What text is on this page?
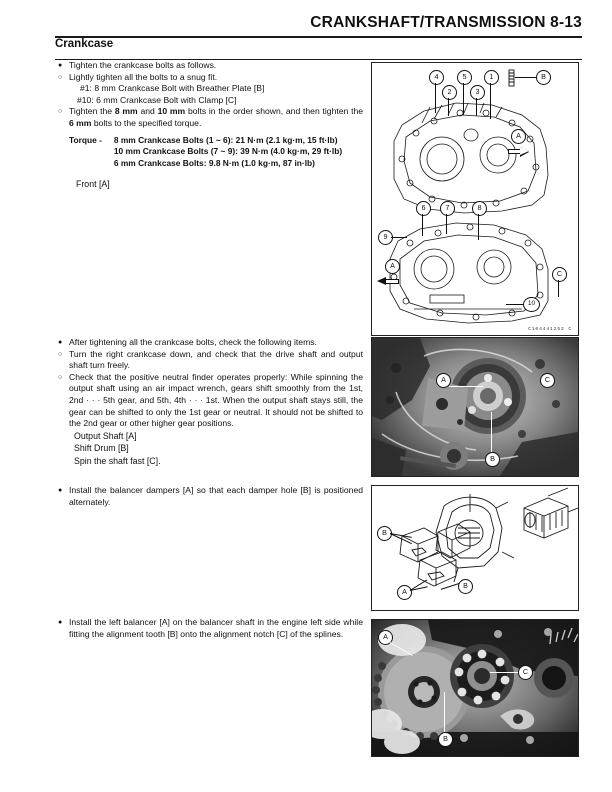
CRANKSHAFT/TRANSMISSION 8-13
Crankcase
●
Tighten the crankcase bolts as follows.
○
Lightly tighten all the bolts to a snug fit.
#1: 8 mm Crankcase Bolt with Breather Plate [B]
#10: 6 mm Crankcase Bolt with Clamp [C]
○
Tighten the 8 mm and 10 mm bolts in the order shown, and then tighten the 6 mm bolts to the specified torque.
Torque -	8 mm Crankcase Bolts (1 ~ 6): 21 N·m (2.1 kg·m, 15 ft·lb)
10 mm Crankcase Bolts (7 ~ 9): 39 N·m (4.0 kg·m, 29 ft·lb)
6 mm Crankcase Bolts: 9.8 N·m (1.0 kg·m, 87 in·lb)
Front [A]
●
After tightening all the crankcase bolts, check the following items.
○
Turn the right crankcase down, and check that the drive shaft and output shaft turn freely.
○
Check that the positive neutral finder operates properly: While spinning the output shaft using an air impact wrench, gears shift smoothly from the 1st, 2nd · · · 5th gear, and 5th, 4th · · · 1st. When the output shaft stays still, the gear can be shifted to only the 1st gear or neutral. It should not be shifted to the 2nd gear or other higher gear positions.
Output Shaft [A]
Shift Drum [B]
Spin the shaft fast [C].
●
Install the balancer dampers [A] so that each damper hole [B] is positioned alternately.
●
Install the left balancer [A] on the balancer shaft in the engine left side while fitting the alignment tooth [B] onto the alignment notch [C] of the splines.
4	5	1
2	3
B
6	7	8
9
A
A
C
10
C104441252 C
A	C
B
B
A
B
A
C
B
